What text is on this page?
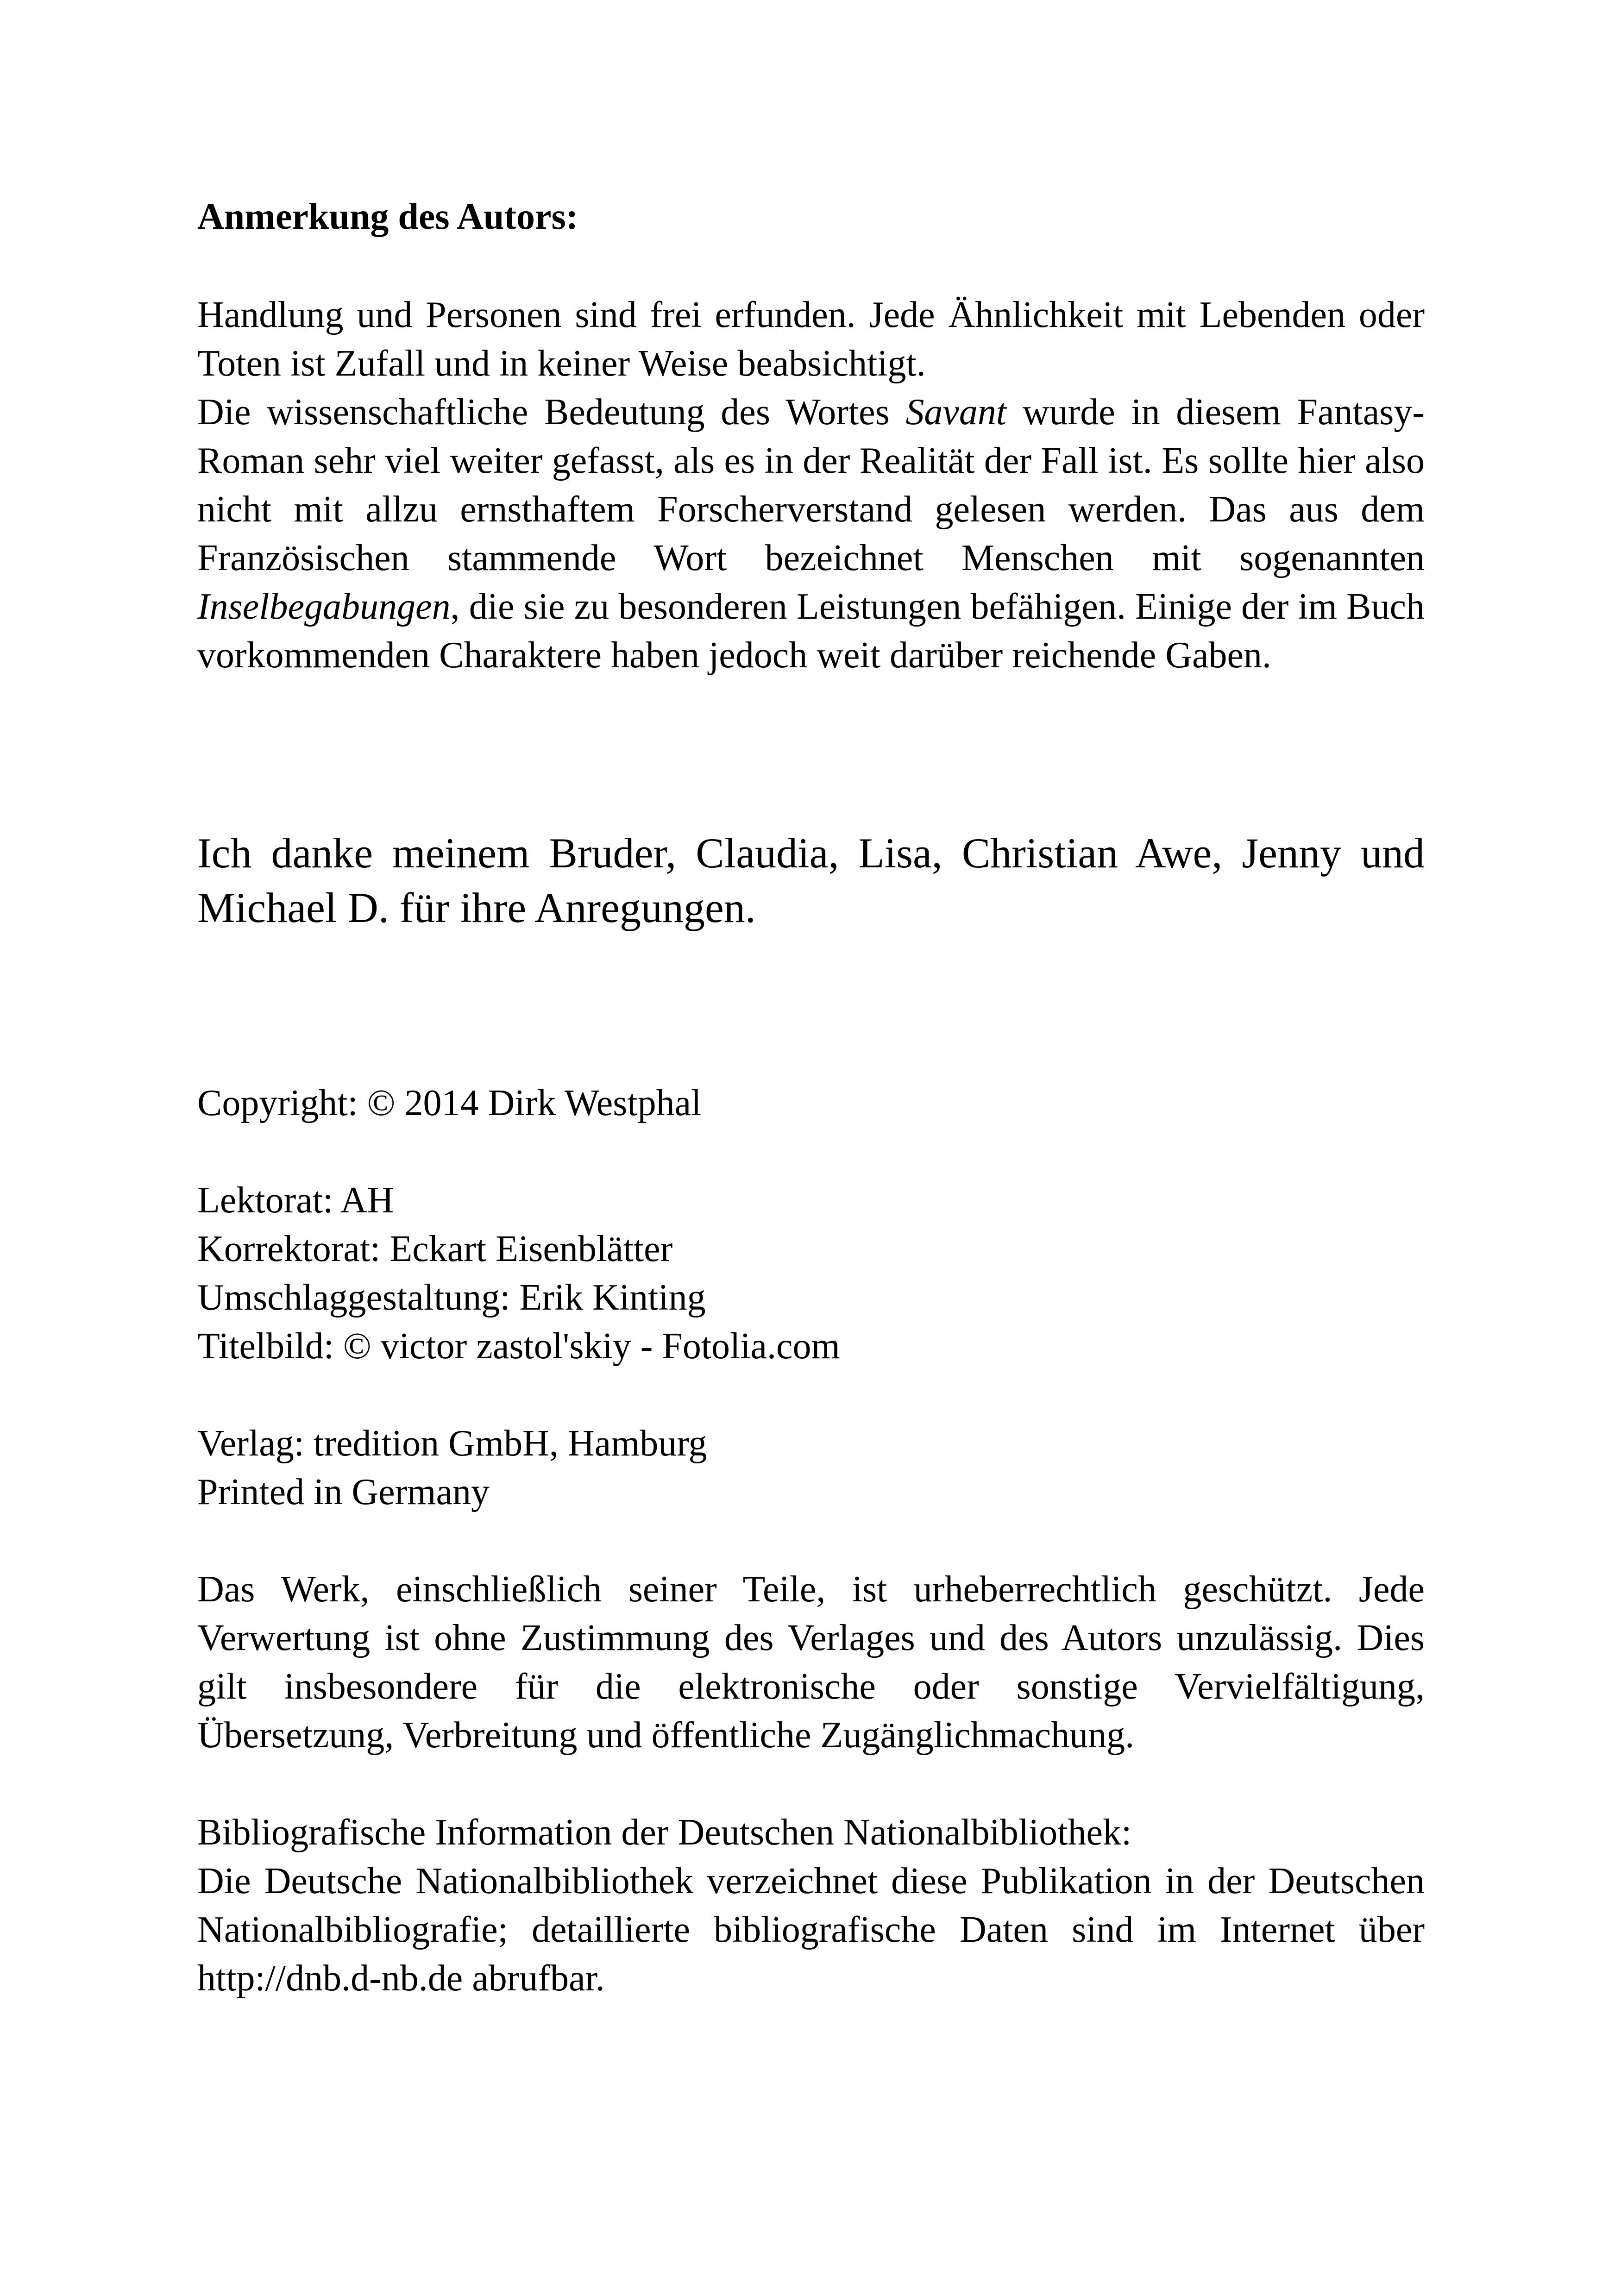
Anmerkung des Autors:

Handlung und Personen sind frei erfunden. Jede Ähnlichkeit mit Lebenden oder Toten ist Zufall und in keiner Weise beabsichtigt.

Die wissenschaftliche Bedeutung des Wortes Savant wurde in diesem Fantasy-Roman sehr viel weiter gefasst, als es in der Realität der Fall ist. Es sollte hier also nicht mit allzu ernsthaftem Forscherverstand gelesen werden. Das aus dem Französischen stammende Wort bezeichnet Menschen mit sogenannten Inselbegabungen, die sie zu besonderen Leistungen befähigen. Einige der im Buch vorkommenden Charaktere haben jedoch weit darüber reichende Gaben.

Ich danke meinem Bruder, Claudia, Lisa, Christian Awe, Jenny und Michael D. für ihre Anregungen.

Copyright: © 2014 Dirk Westphal

Lektorat: AH

Korrektorat: Eckart Eisenblätter

Umschlaggestaltung: Erik Kinting

Titelbild: © victor zastol'skiy - Fotolia.com

Verlag: tredition GmbH, Hamburg

Printed in Germany

Das Werk, einschließlich seiner Teile, ist urheberrechtlich geschützt. Jede Verwertung ist ohne Zustimmung des Verlages und des Autors unzulässig. Dies gilt insbesondere für die elektronische oder sonstige Vervielfältigung, Übersetzung, Verbreitung und öffentliche Zugänglichmachung.

Bibliografische Information der Deutschen Nationalbibliothek:

Die Deutsche Nationalbibliothek verzeichnet diese Publikation in der Deutschen Nationalbibliografie; detaillierte bibliografische Daten sind im Internet über http://dnb.d-nb.de abrufbar.
